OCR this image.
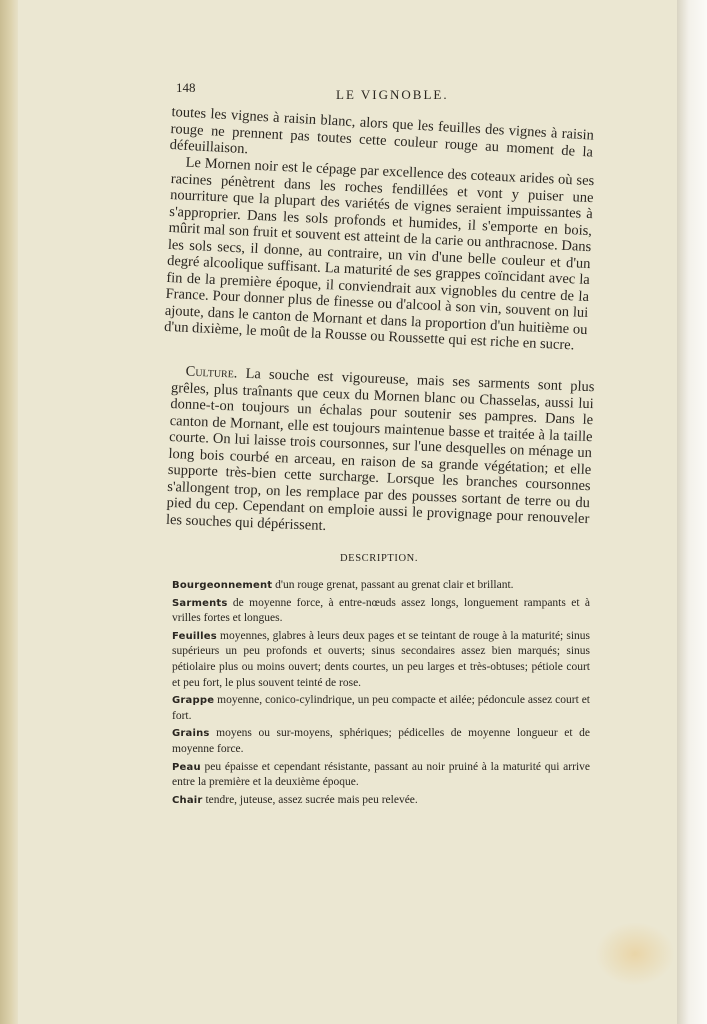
148	LE VIGNOBLE.

toutes les vignes à raisin blanc, alors que les feuilles des vignes à raisin rouge ne prennent pas toutes cette couleur rouge au moment de la défeuillaison.

Le Mornen noir est le cépage par excellence des coteaux arides où ses racines pénètrent dans les roches fendillées et vont y puiser une nourriture que la plupart des variétés de vignes seraient impuissantes à s'approprier. Dans les sols profonds et humides, il s'emporte en bois, mûrit mal son fruit et souvent est atteint de la carie ou anthracnose. Dans les sols secs, il donne, au contraire, un vin d'une belle couleur et d'un degré alcoolique suffisant. La maturité de ses grappes coïncidant avec la fin de la première époque, il conviendrait aux vignobles du centre de la France. Pour donner plus de finesse ou d'alcool à son vin, souvent on lui ajoute, dans le canton de Mornant et dans la proportion d'un huitième ou d'un dixième, le moût de la Rousse ou Roussette qui est riche en sucre.

Culture. La souche est vigoureuse, mais ses sarments sont plus grêles, plus traînants que ceux du Mornen blanc ou Chasselas, aussi lui donne-t-on toujours un échalas pour soutenir ses pampres. Dans le canton de Mornant, elle est toujours maintenue basse et traitée à la taille courte. On lui laisse trois coursonnes, sur l'une desquelles on ménage un long bois courbé en arceau, en raison de sa grande végétation; et elle supporte très-bien cette surcharge. Lorsque les branches coursonnes s'allongent trop, on les remplace par des pousses sortant de terre ou du pied du cep. Cependant on emploie aussi le provignage pour renouveler les souches qui dépérissent.

DESCRIPTION.

Bourgeonnement d'un rouge grenat, passant au grenat clair et brillant.

Sarments de moyenne force, à entre-nœuds assez longs, longuement rampants et à vrilles fortes et longues.

Feuilles moyennes, glabres à leurs deux pages et se teintant de rouge à la maturité; sinus supérieurs un peu profonds et ouverts; sinus secondaires assez bien marqués; sinus pétiolaire plus ou moins ouvert; dents courtes, un peu larges et très-obtuses; pétiole court et peu fort, le plus souvent teinté de rose.

Grappe moyenne, conico-cylindrique, un peu compacte et ailée; pédoncule assez court et fort.

Grains moyens ou sur-moyens, sphériques; pédicelles de moyenne longueur et de moyenne force.

Peau peu épaisse et cependant résistante, passant au noir pruiné à la maturité qui arrive entre la première et la deuxième époque.

Chair tendre, juteuse, assez sucrée mais peu relevée.
